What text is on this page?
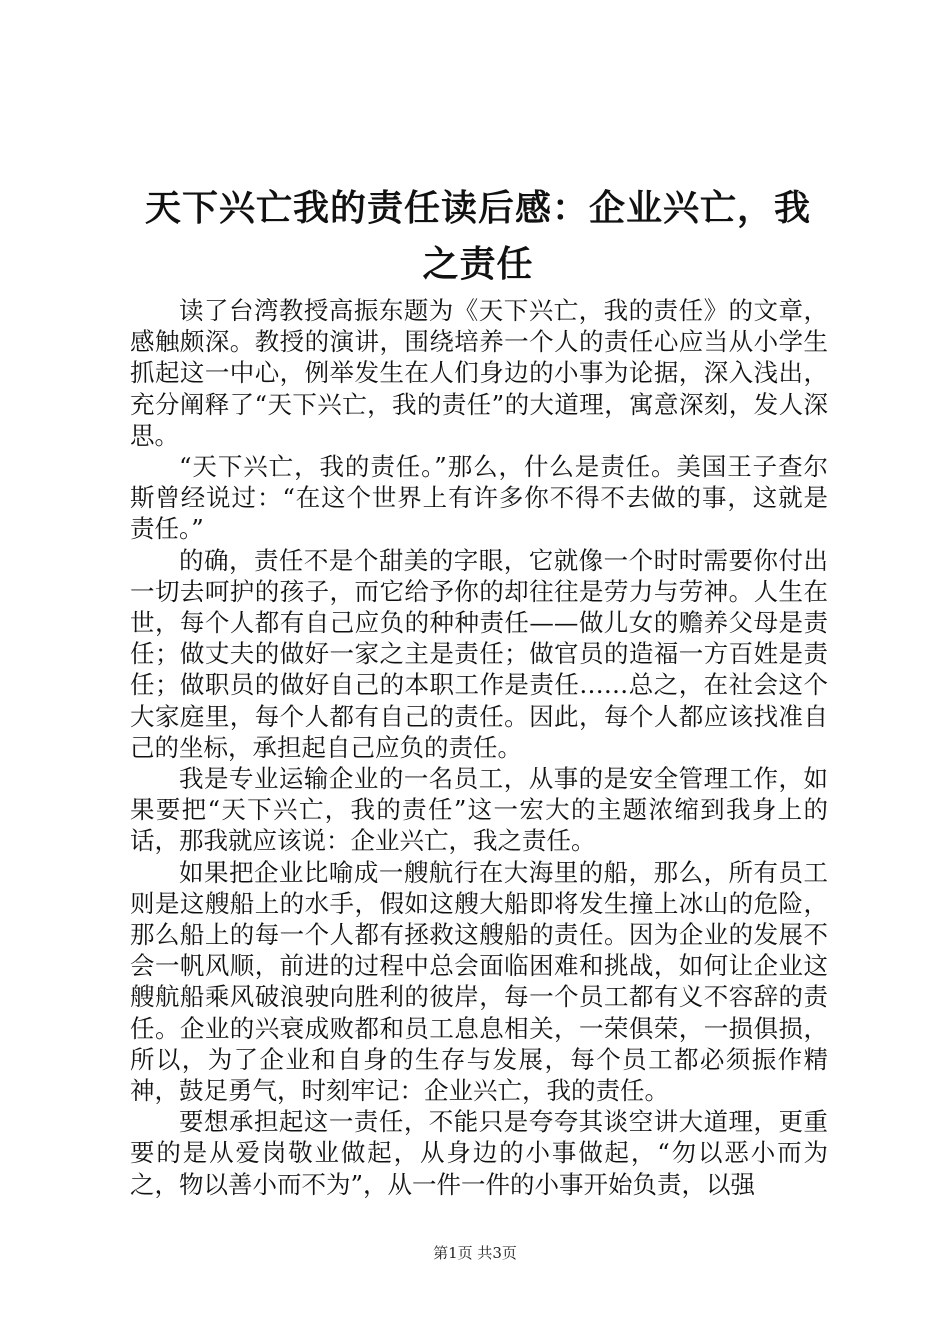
天下兴亡我的责任读后感：企业兴亡，我之责任

读了台湾教授高振东题为《天下兴亡，我的责任》的文章，感触颇深。教授的演讲，围绕培养一个人的责任心应当从小学生抓起这一中心，例举发生在人们身边的小事为论据，深入浅出，充分阐释了“天下兴亡，我的责任”的大道理，寓意深刻，发人深思。

“天下兴亡，我的责任。”那么，什么是责任。美国王子查尔斯曾经说过：“在这个世界上有许多你不得不去做的事，这就是责任。”

的确，责任不是个甜美的字眼，它就像一个时时需要你付出一切去呵护的孩子，而它给予你的却往往是劳力与劳神。人生在世，每个人都有自己应负的种种责任——做儿女的赡养父母是责任；做丈夫的做好一家之主是责任；做官员的造福一方百姓是责任；做职员的做好自己的本职工作是责任……总之，在社会这个大家庭里，每个人都有自己的责任。因此，每个人都应该找准自己的坐标，承担起自己应负的责任。

我是专业运输企业的一名员工，从事的是安全管理工作，如果要把“天下兴亡，我的责任”这一宏大的主题浓缩到我身上的话，那我就应该说：企业兴亡，我之责任。

如果把企业比喻成一艘航行在大海里的船，那么，所有员工则是这艘船上的水手，假如这艘大船即将发生撞上冰山的危险，那么船上的每一个人都有拯救这艘船的责任。因为企业的发展不会一帆风顺，前进的过程中总会面临困难和挑战，如何让企业这艘航船乘风破浪驶向胜利的彼岸，每一个员工都有义不容辞的责任。企业的兴衰成败都和员工息息相关，一荣俱荣，一损俱损，所以，为了企业和自身的生存与发展，每个员工都必须振作精神，鼓足勇气，时刻牢记：企业兴亡，我的责任。

要想承担起这一责任，不能只是夸夸其谈空讲大道理，更重要的是从爱岗敬业做起，从身边的小事做起，“勿以恶小而为之，物以善小而不为”，从一件一件的小事开始负责，以强

第1页 共3页
